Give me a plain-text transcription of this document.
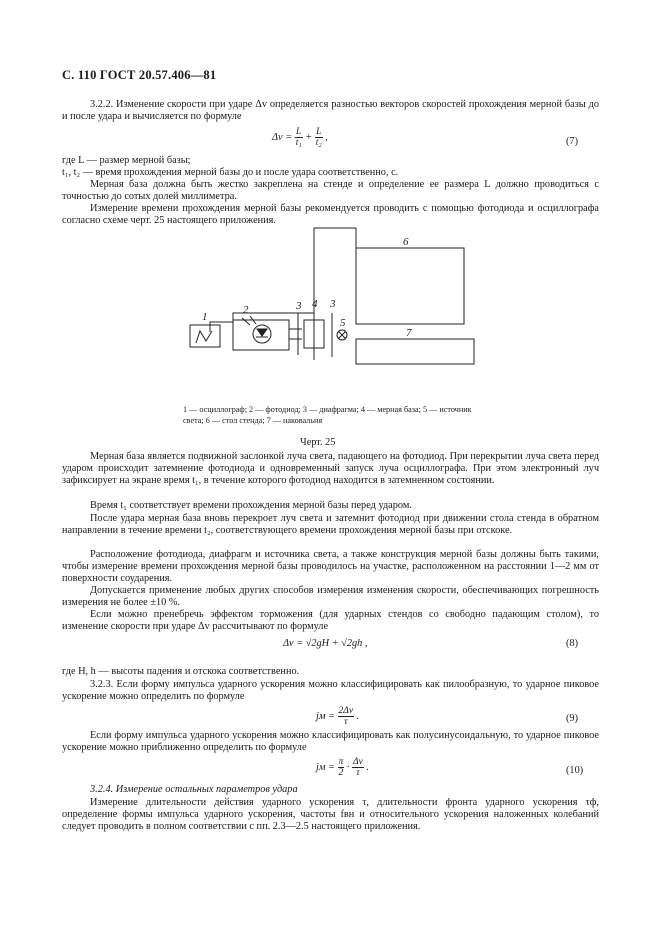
С. 110 ГОСТ 20.57.406—81
3.2.2. Изменение скорости при ударе Δv определяется разностью векторов скоростей прохождения мерной базы до и после удара и вычисляется по формуле
$\Delta v = \frac{L}{\text{t₁}} + \frac{L}{\text{t₂}}$ ,	(7)
где L — размер мерной базы;
t₁, t₂ — время прохождения мерной базы до и после удара соответственно, с.
Мерная база должна быть жестко закреплена на стенде и определение ее размера L должно проводиться с точностью до сотых долей миллиметра.
Измерение времени прохождения мерной базы рекомендуется проводить с помощью фотодиода и осциллографа согласно схеме черт. 25 настоящего приложения.
1
2	3 4 3
5
6
7
1 — осциллограф; 2 — фотодиод; 3 — диафрагма; 4 — мерная база; 5 — источник света; 6 — стол стенда; 7 — наковальня
Черт. 25
Мерная база является подвижной заслонкой луча света, падающего на фотодиод. При перекрытии луча света перед ударом происходит затемнение фотодиода и одновременный запуск луча осциллографа. При этом электронный луч зафиксирует на экране время t₁, в течение которого фотодиод находится в затемненном состоянии.
Время t₁ соответствует времени прохождения мерной базы перед ударом.
После удара мерная база вновь перекроет луч света и затемнит фотодиод при движении стола стенда в обратном направлении в течение времени t₂, соответствующего времени прохождения мерной базы при отскоке.
Расположение фотодиода, диафрагм и источника света, а также конструкция мерной базы должны быть такими, чтобы измерение времени прохождения мерной базы проводилось на участке, расположенном на расстоянии 1—2 мм от поверхности соударения.
Допускается применение любых других способов измерения изменения скорости, обеспечивающих погрешность измерения не более ±10 %.
Если можно пренебречь эффектом торможения (для ударных стендов со свободно падающим столом), то изменение скорости при ударе Δv рассчитывают по формуле
Δv = √2gH + √2gh ,	(8)
где H, h — высоты падения и отскока соответственно.
3.2.3. Если форму импульса ударного ускорения можно классифицировать как пилообразную, то ударное пиковое ускорение можно определить по формуле
jм = $\frac{2\Delta v}{\tau}$ .	(9)
Если форму импульса ударного ускорения можно классифицировать как полусинусоидальную, то ударное пиковое ускорение можно приближенно определить по формуле
jм = $\frac{\pi}{2} \cdot \frac{\Delta v}{\tau}$ .	(10)
3.2.4. Измерение остальных параметров удара
Измерение длительности действия ударного ускорения τ, длительности фронта ударного ускорения τф, определение формы импульса ударного ускорения, частоты fвн и относительного ускорения наложенных колебаний следует проводить в полном соответствии с пп. 2.3—2.5 настоящего приложения.
